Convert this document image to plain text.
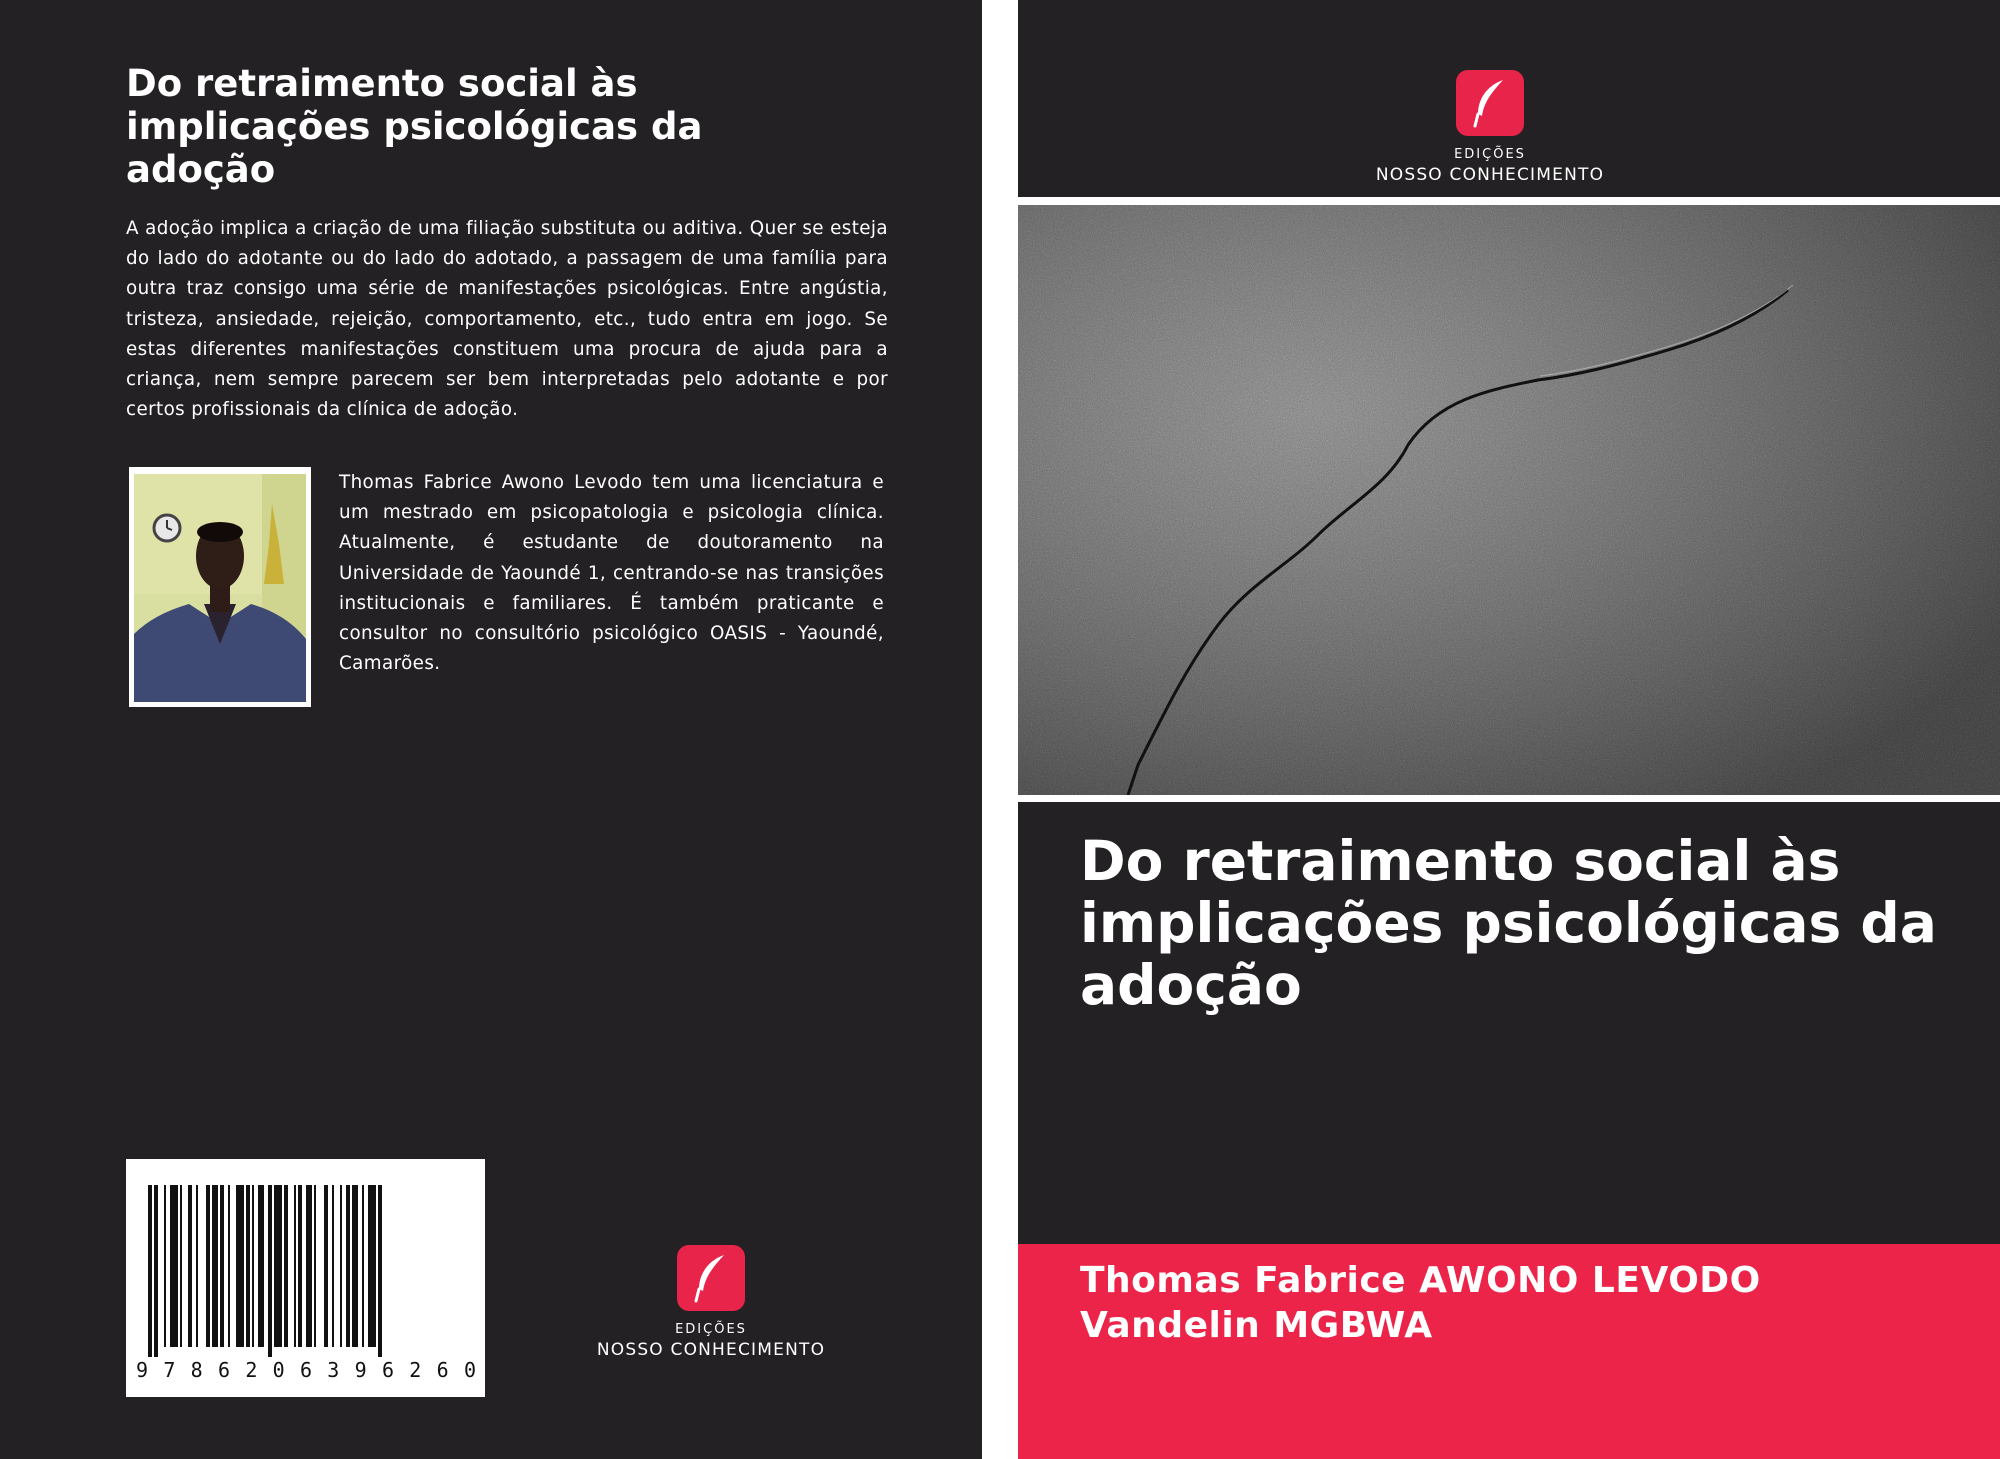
Do retraimento social às implicações psicológicas da adoção

A adoção implica a criação de uma filiação substituta ou aditiva. Quer se esteja do lado do adotante ou do lado do adotado, a passagem de uma família para outra traz consigo uma série de manifestações psicológicas. Entre angústia, tristeza, ansiedade, rejeição, comportamento, etc., tudo entra em jogo. Se estas diferentes manifestações constituem uma procura de ajuda para a criança, nem sempre parecem ser bem interpretadas pelo adotante e por certos profissionais da clínica de adoção.

Thomas Fabrice Awono Levodo tem uma licenciatura e um mestrado em psicopatologia e psicologia clínica. Atualmente, é estudante de doutoramento na Universidade de Yaoundé 1, centrando-se nas transições institucionais e familiares. É também praticante e consultor no consultório psicológico OASIS - Yaoundé, Camarões.

9 7 8 6 2 0 6 3 9 6 2 6 0
EDIÇÕES
NOSSO CONHECIMENTO
EDIÇÕES
NOSSO CONHECIMENTO
Do retraimento social às implicações psicológicas da adoção

Thomas Fabrice AWONO LEVODO

Vandelin MGBWA
